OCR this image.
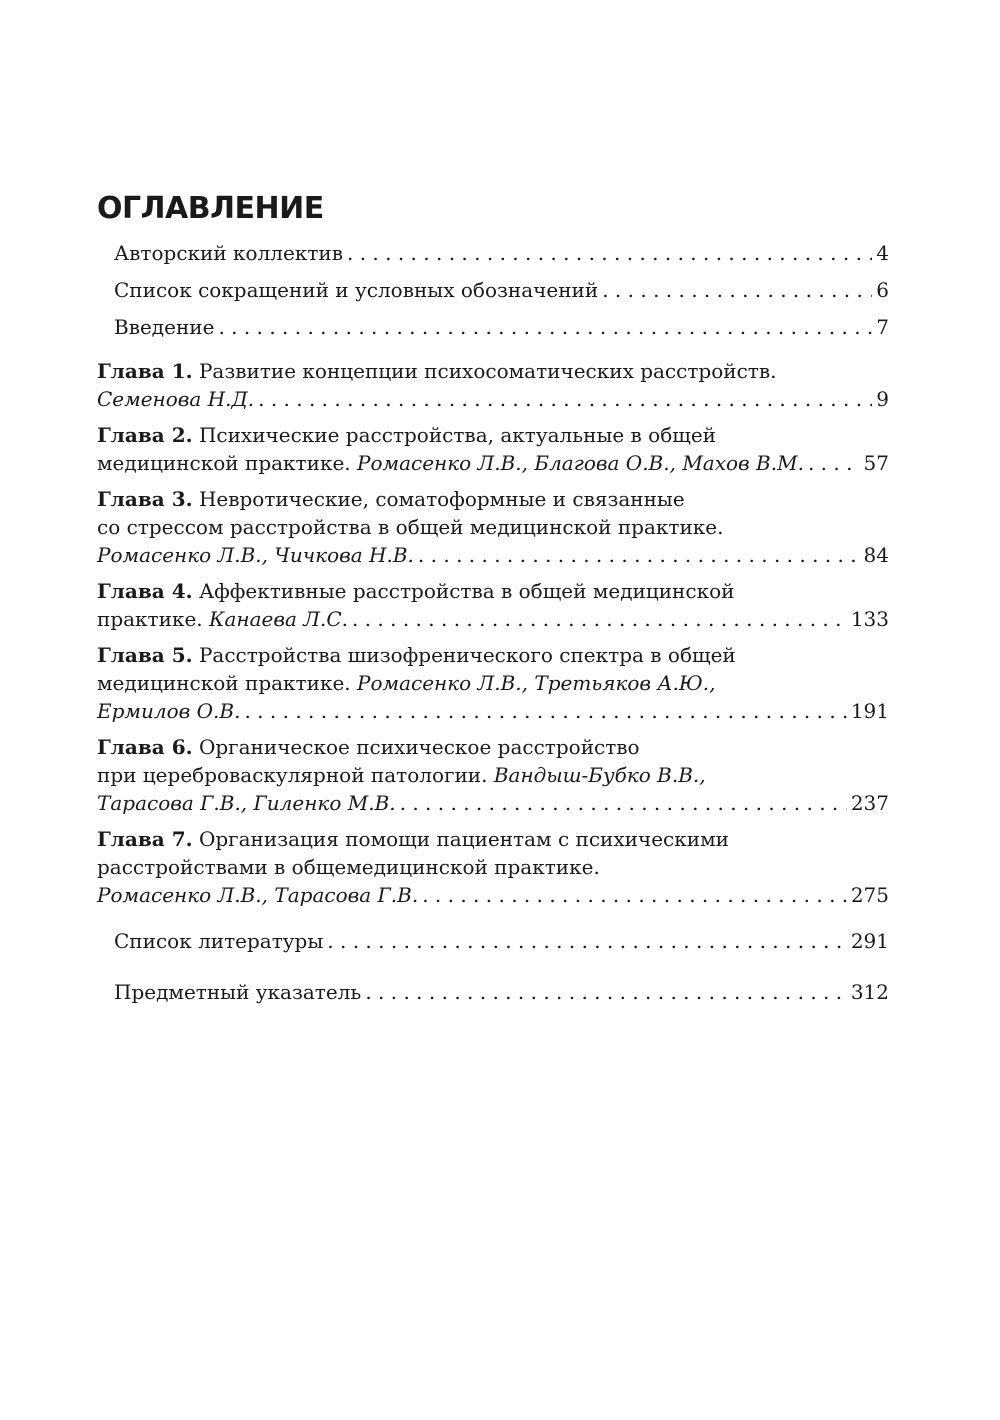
ОГЛАВЛЕНИЕ
Авторский коллектив . . .	4
Список сокращений и условных обозначений . . .	6
Введение . . .	7
Глава 1. Развитие концепции психосоматических расстройств.
Семенова Н.Д. . . .	9
Глава 2. Психические расстройства, актуальные в общей
медицинской практике. Ромасенко Л.В., Благова О.В., Махов В.М. . . .	57
Глава 3. Невротические, соматоформные и связанные
со стрессом расстройства в общей медицинской практике.
Ромасенко Л.В., Чичкова Н.В. . . .	84
Глава 4. Аффективные расстройства в общей медицинской
практике. Канаева Л.С. . . .	133
Глава 5. Расстройства шизофренического спектра в общей
медицинской практике. Ромасенко Л.В., Третьяков А.Ю.,
Ермилов О.В. . . .	191
Глава 6. Органическое психическое расстройство
при цереброваскулярной патологии. Вандыш-Бубко В.В.,
Тарасова Г.В., Гиленко М.В. . . .	237
Глава 7. Организация помощи пациентам с психическими
расстройствами в общемедицинской практике.
Ромасенко Л.В., Тарасова Г.В. . . .	275
Список литературы . . .	291
Предметный указатель . . .	312
